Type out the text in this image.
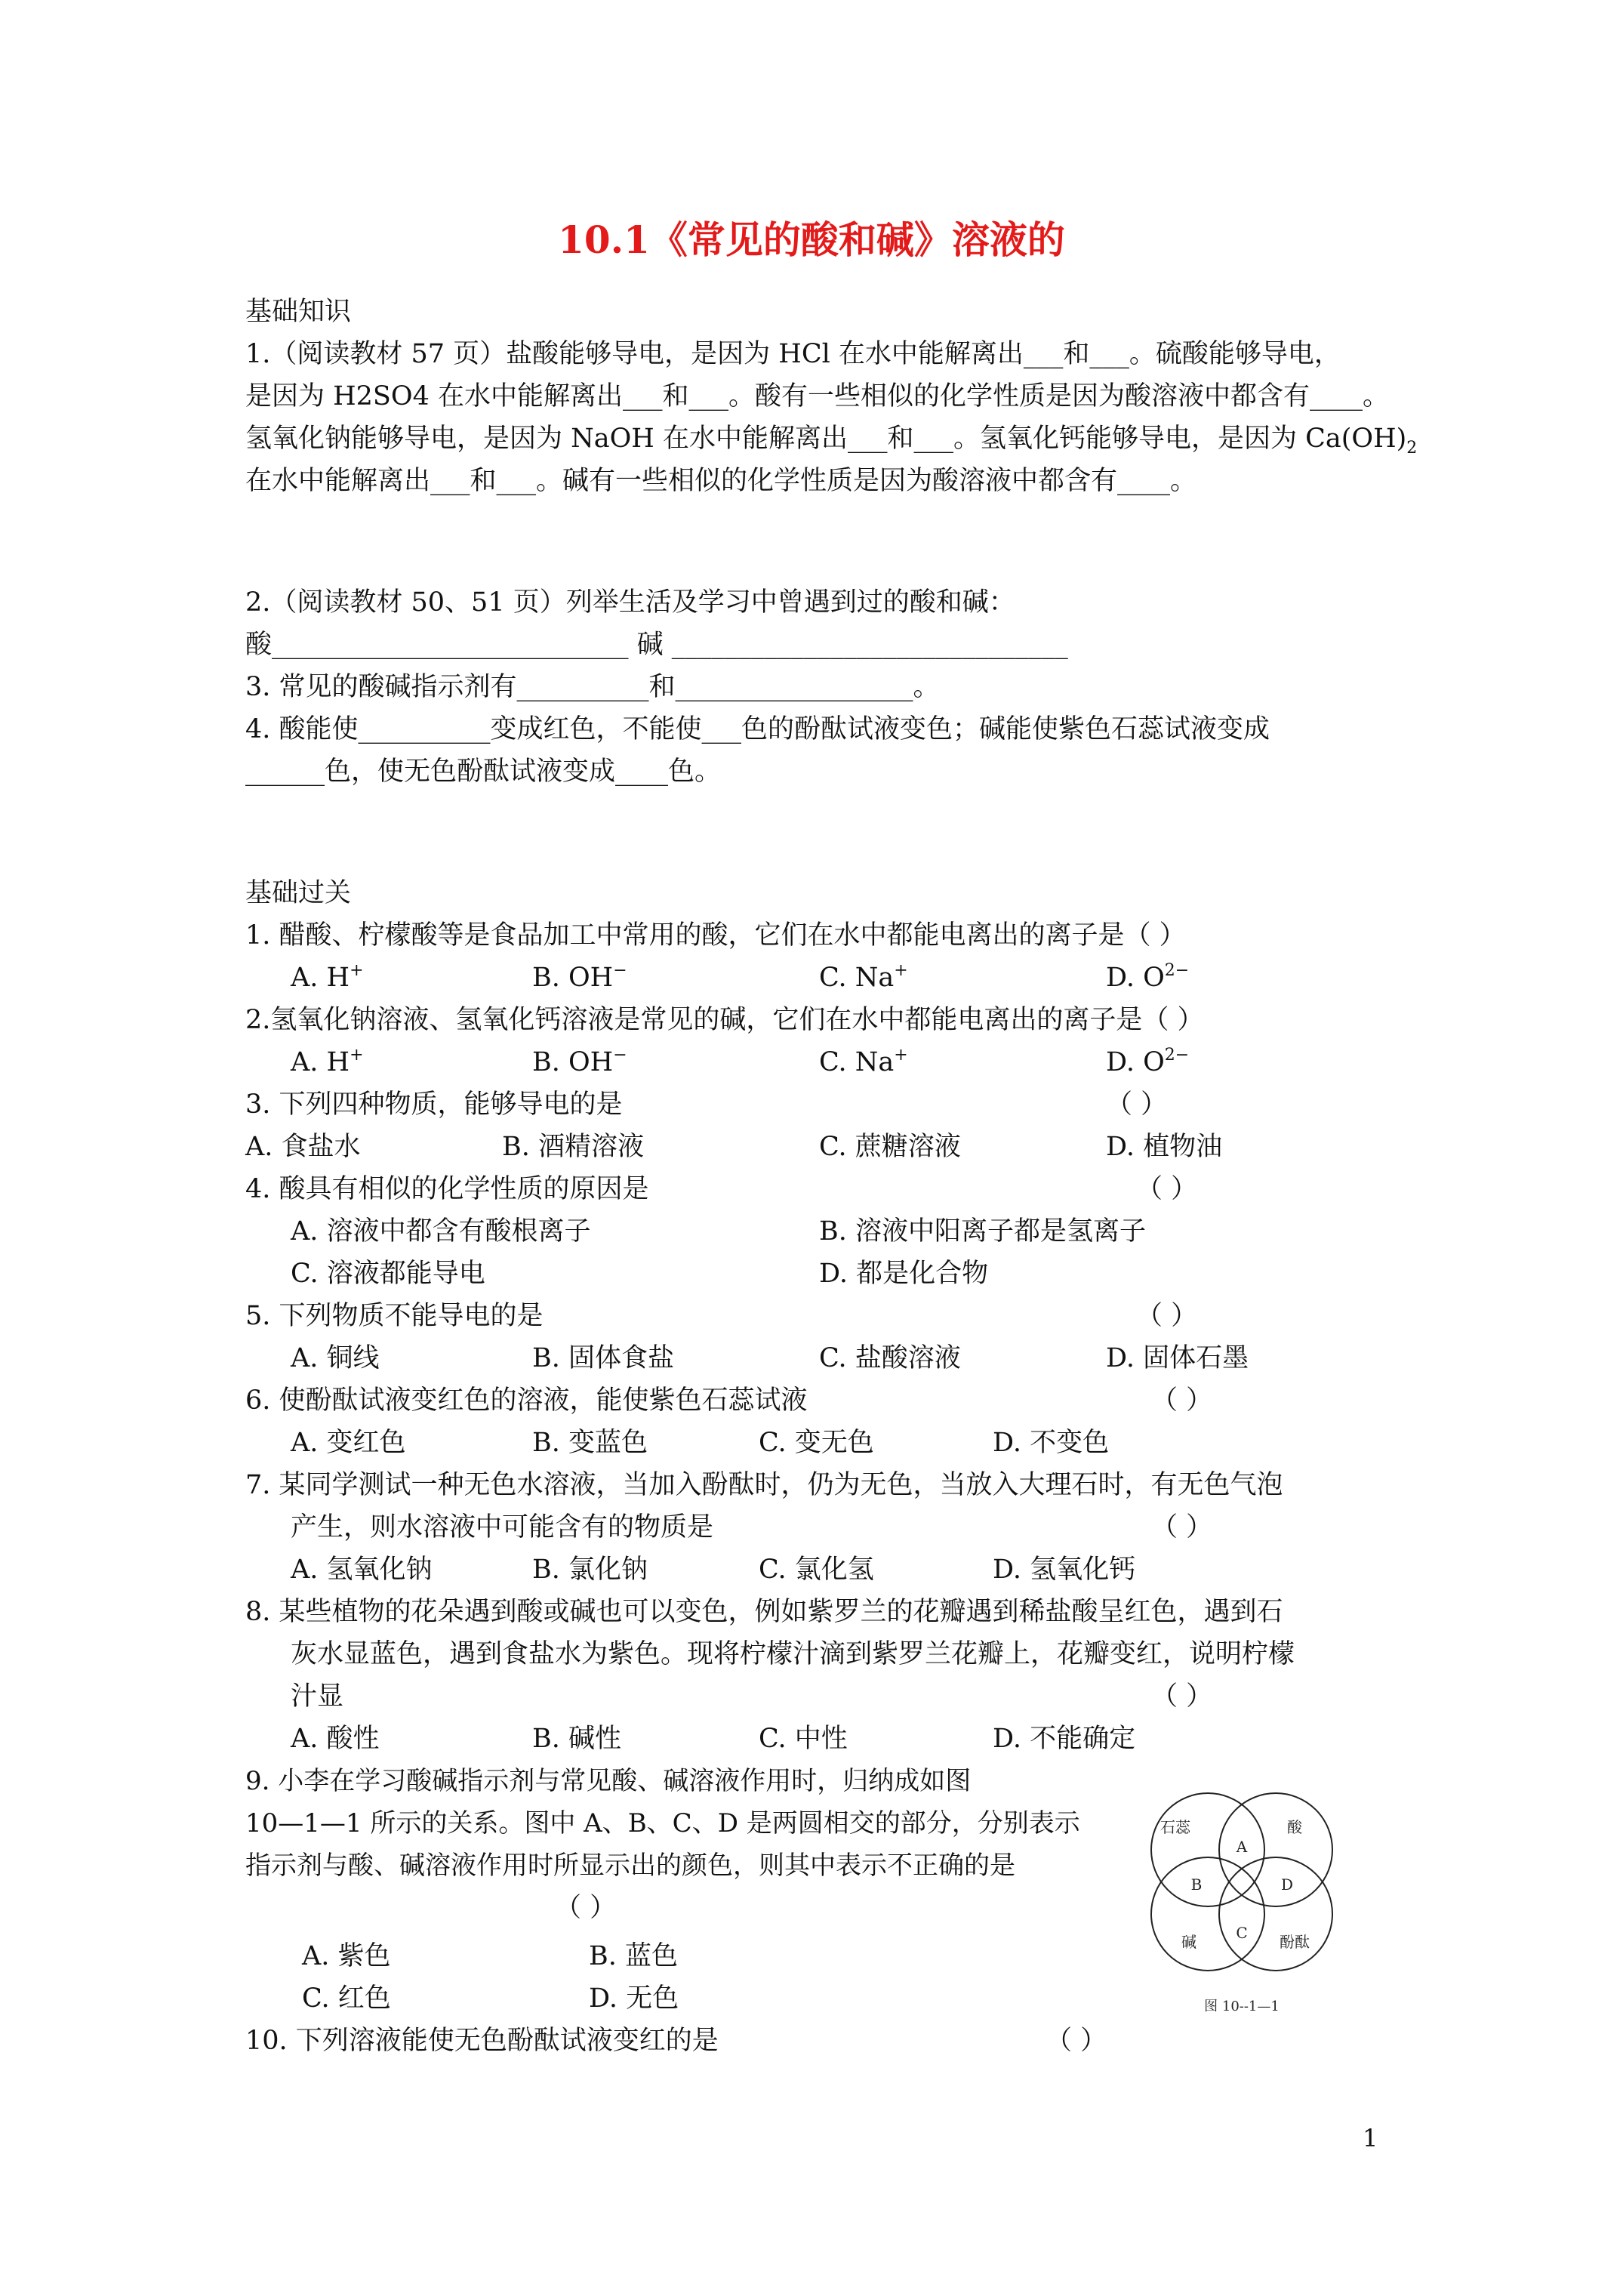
10.1《常见的酸和碱》溶液的
基础知识
1.（阅读教材 57 页）盐酸能够导电，是因为 HCl 在水中能解离出___和___。硫酸能够导电，
是因为 H2SO4 在水中能解离出___和___。酸有一些相似的化学性质是因为酸溶液中都含有____。
氢氧化钠能够导电，是因为 NaOH 在水中能解离出___和___。氢氧化钙能够导电，是因为 $Ca(OH)_2$
在水中能解离出___和___。碱有一些相似的化学性质是因为酸溶液中都含有____。
2.（阅读教材 50、51 页）列举生活及学习中曾遇到过的酸和碱：
酸___________________________ 碱 ______________________________
3. 常见的酸碱指示剂有__________和__________________。
4. 酸能使__________变成红色，不能使___色的酚酞试液变色；碱能使紫色石蕊试液变成
______色，使无色酚酞试液变成____色。
基础过关
1. 醋酸、柠檬酸等是食品加工中常用的酸，它们在水中都能电离出的离子是（ ）
A. H+	B. OH−	C. Na+	D. $O^{2-}$
2.氢氧化钠溶液、氢氧化钙溶液是常见的碱，它们在水中都能电离出的离子是（ ）
A. H+	B. OH−	C. Na+	D. $O^{2-}$
3. 下列四种物质，能够导电的是	（ ）
A. 食盐水	B. 酒精溶液	C. 蔗糖溶液	D. 植物油
4. 酸具有相似的化学性质的原因是	（ ）
A. 溶液中都含有酸根离子	B. 溶液中阳离子都是氢离子
C. 溶液都能导电	D. 都是化合物
5. 下列物质不能导电的是	（ ）
A. 铜线	B. 固体食盐	C. 盐酸溶液	D. 固体石墨
6. 使酚酞试液变红色的溶液，能使紫色石蕊试液	（ ）
A. 变红色	B. 变蓝色	C. 变无色	D. 不变色
7. 某同学测试一种无色水溶液，当加入酚酞时，仍为无色，当放入大理石时，有无色气泡
产生，则水溶液中可能含有的物质是	（ ）
A. 氢氧化钠	B. 氯化钠	C. 氯化氢	D. 氢氧化钙
8. 某些植物的花朵遇到酸或碱也可以变色，例如紫罗兰的花瓣遇到稀盐酸呈红色，遇到石
灰水显蓝色，遇到食盐水为紫色。现将柠檬汁滴到紫罗兰花瓣上，花瓣变红，说明柠檬
汁显	（ ）
A. 酸性	B. 碱性	C. 中性	D. 不能确定
9. 小李在学习酸碱指示剂与常见酸、碱溶液作用时，归纳成如图
10—1—1 所示的关系。图中 A、B、C、D 是两圆相交的部分，分别表示
指示剂与酸、碱溶液作用时所显示出的颜色，则其中表示不正确的是
（ ）
A. 紫色	B. 蓝色
C. 红色	D. 无色
10. 下列溶液能使无色酚酞试液变红的是	（ ）
石蕊	酸
碱	酚酞
A
B
C
D
图 10--1—1
1
